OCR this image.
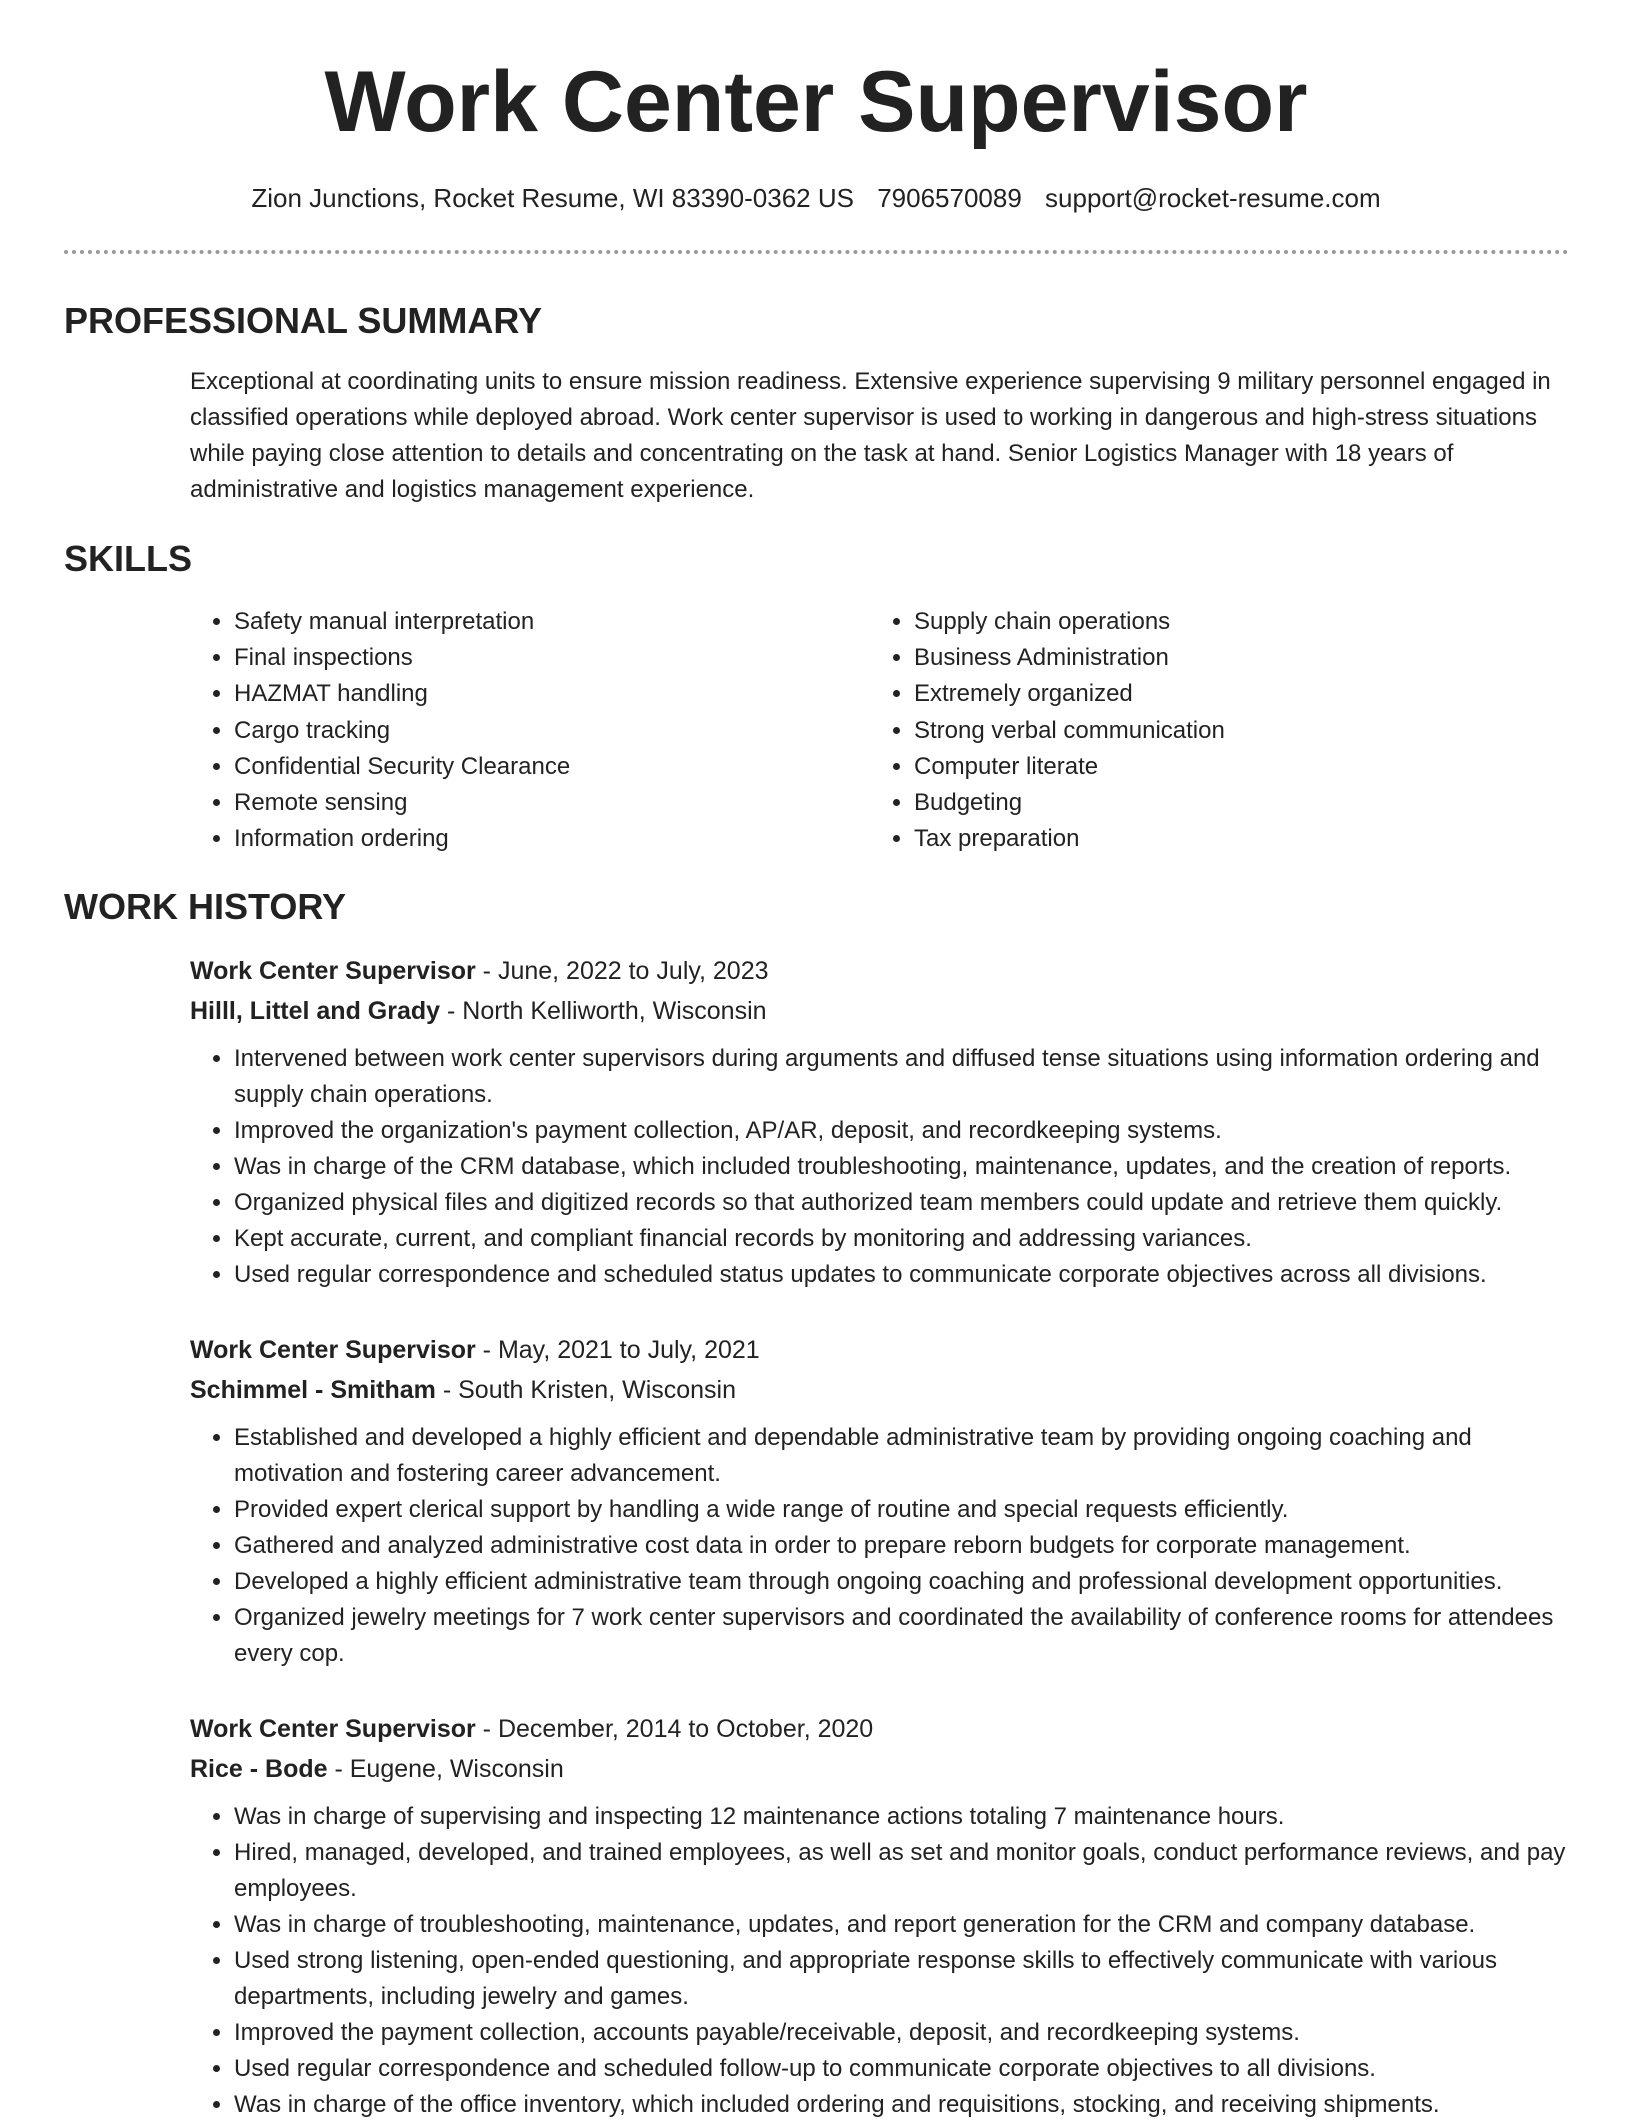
Work Center Supervisor
Zion Junctions, Rocket Resume, WI 83390-0362 US 7906570089 support@rocket-resume.com
PROFESSIONAL SUMMARY
Exceptional at coordinating units to ensure mission readiness. Extensive experience supervising 9 military personnel engaged in classified operations while deployed abroad. Work center supervisor is used to working in dangerous and high-stress situations while paying close attention to details and concentrating on the task at hand. Senior Logistics Manager with 18 years of administrative and logistics management experience.
SKILLS
• Safety manual interpretation
• Final inspections
• HAZMAT handling
• Cargo tracking
• Confidential Security Clearance
• Remote sensing
• Information ordering
• Supply chain operations
• Business Administration
• Extremely organized
• Strong verbal communication
• Computer literate
• Budgeting
• Tax preparation
WORK HISTORY
Work Center Supervisor - June, 2022 to July, 2023
Hilll, Littel and Grady - North Kelliworth, Wisconsin
• Intervened between work center supervisors during arguments and diffused tense situations using information ordering and supply chain operations.
• Improved the organization's payment collection, AP/AR, deposit, and recordkeeping systems.
• Was in charge of the CRM database, which included troubleshooting, maintenance, updates, and the creation of reports.
• Organized physical files and digitized records so that authorized team members could update and retrieve them quickly.
• Kept accurate, current, and compliant financial records by monitoring and addressing variances.
• Used regular correspondence and scheduled status updates to communicate corporate objectives across all divisions.
Work Center Supervisor - May, 2021 to July, 2021
Schimmel - Smitham - South Kristen, Wisconsin
• Established and developed a highly efficient and dependable administrative team by providing ongoing coaching and motivation and fostering career advancement.
• Provided expert clerical support by handling a wide range of routine and special requests efficiently.
• Gathered and analyzed administrative cost data in order to prepare reborn budgets for corporate management.
• Developed a highly efficient administrative team through ongoing coaching and professional development opportunities.
• Organized jewelry meetings for 7 work center supervisors and coordinated the availability of conference rooms for attendees every cop.
Work Center Supervisor - December, 2014 to October, 2020
Rice - Bode - Eugene, Wisconsin
• Was in charge of supervising and inspecting 12 maintenance actions totaling 7 maintenance hours.
• Hired, managed, developed, and trained employees, as well as set and monitor goals, conduct performance reviews, and pay employees.
• Was in charge of troubleshooting, maintenance, updates, and report generation for the CRM and company database.
• Used strong listening, open-ended questioning, and appropriate response skills to effectively communicate with various departments, including jewelry and games.
• Improved the payment collection, accounts payable/receivable, deposit, and recordkeeping systems.
• Used regular correspondence and scheduled follow-up to communicate corporate objectives to all divisions.
• Was in charge of the office inventory, which included ordering and requisitions, stocking, and receiving shipments.
